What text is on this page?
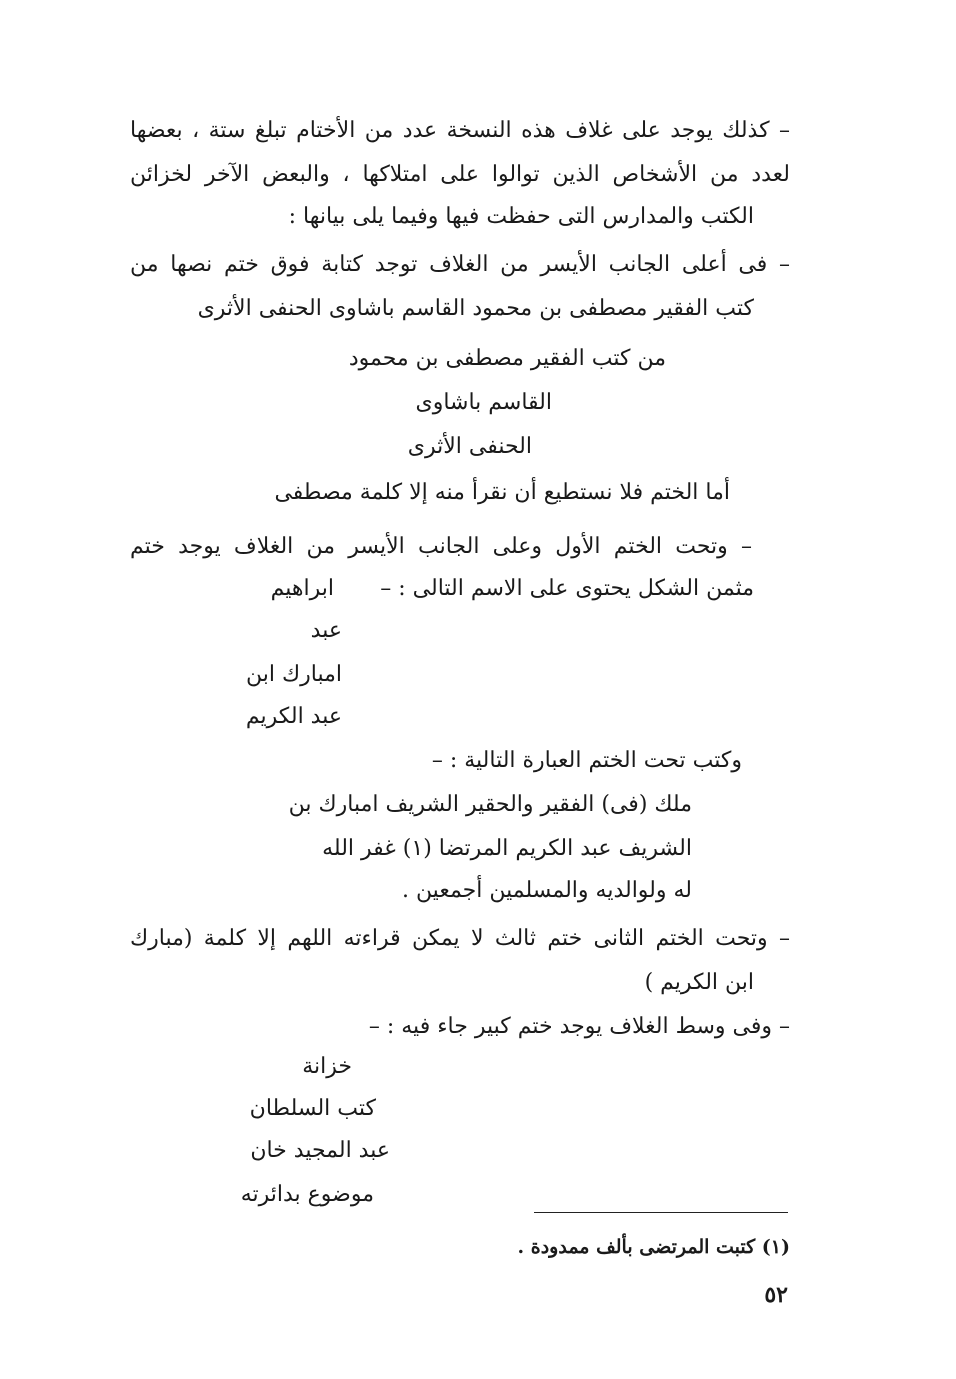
– كذلك يوجد على غلاف هذه النسخة عدد من الأختام تبلغ ستة ، بعضها
لعدد من الأشخاص الذين توالوا على امتلاكها ، والبعض الآخر لخزائن
الكتب والمدارس التى حفظت فيها وفيما يلى بيانها :
– فى أعلى الجانب الأيسر من الغلاف توجد كتابة فوق ختم نصها من
كتب الفقير مصطفى بن محمود القاسم باشاوى الحنفى الأثرى
من كتب الفقير مصطفى بن محمود
القاسم باشاوى
الحنفى الأثرى
أما الختم فلا نستطيع أن نقرأ منه إلا كلمة مصطفى
– وتحت الختم الأول وعلى الجانب الأيسر من الغلاف يوجد ختم
مثمن الشكل يحتوى على الاسم التالى : –
ابراهيم
عبد
امبارك ابن
عبد الكريم
وكتب تحت الختم العبارة التالية : –
ملك (فى) الفقير والحقير الشريف امبارك بن
الشريف عبد الكريم المرتضا (١) غفر الله
له ولوالديه والمسلمين أجمعين .
– وتحت الختم الثانى ختم ثالث لا يمكن قراءته اللهم إلا كلمة (مبارك
ابن الكريم )
– وفى وسط الغلاف يوجد ختم كبير جاء فيه : –
خزانة
كتب السلطان
عبد المجيد خان
موضوع بدائرته
(١) كتبت المرتضى بألف ممدودة .
٥٢
